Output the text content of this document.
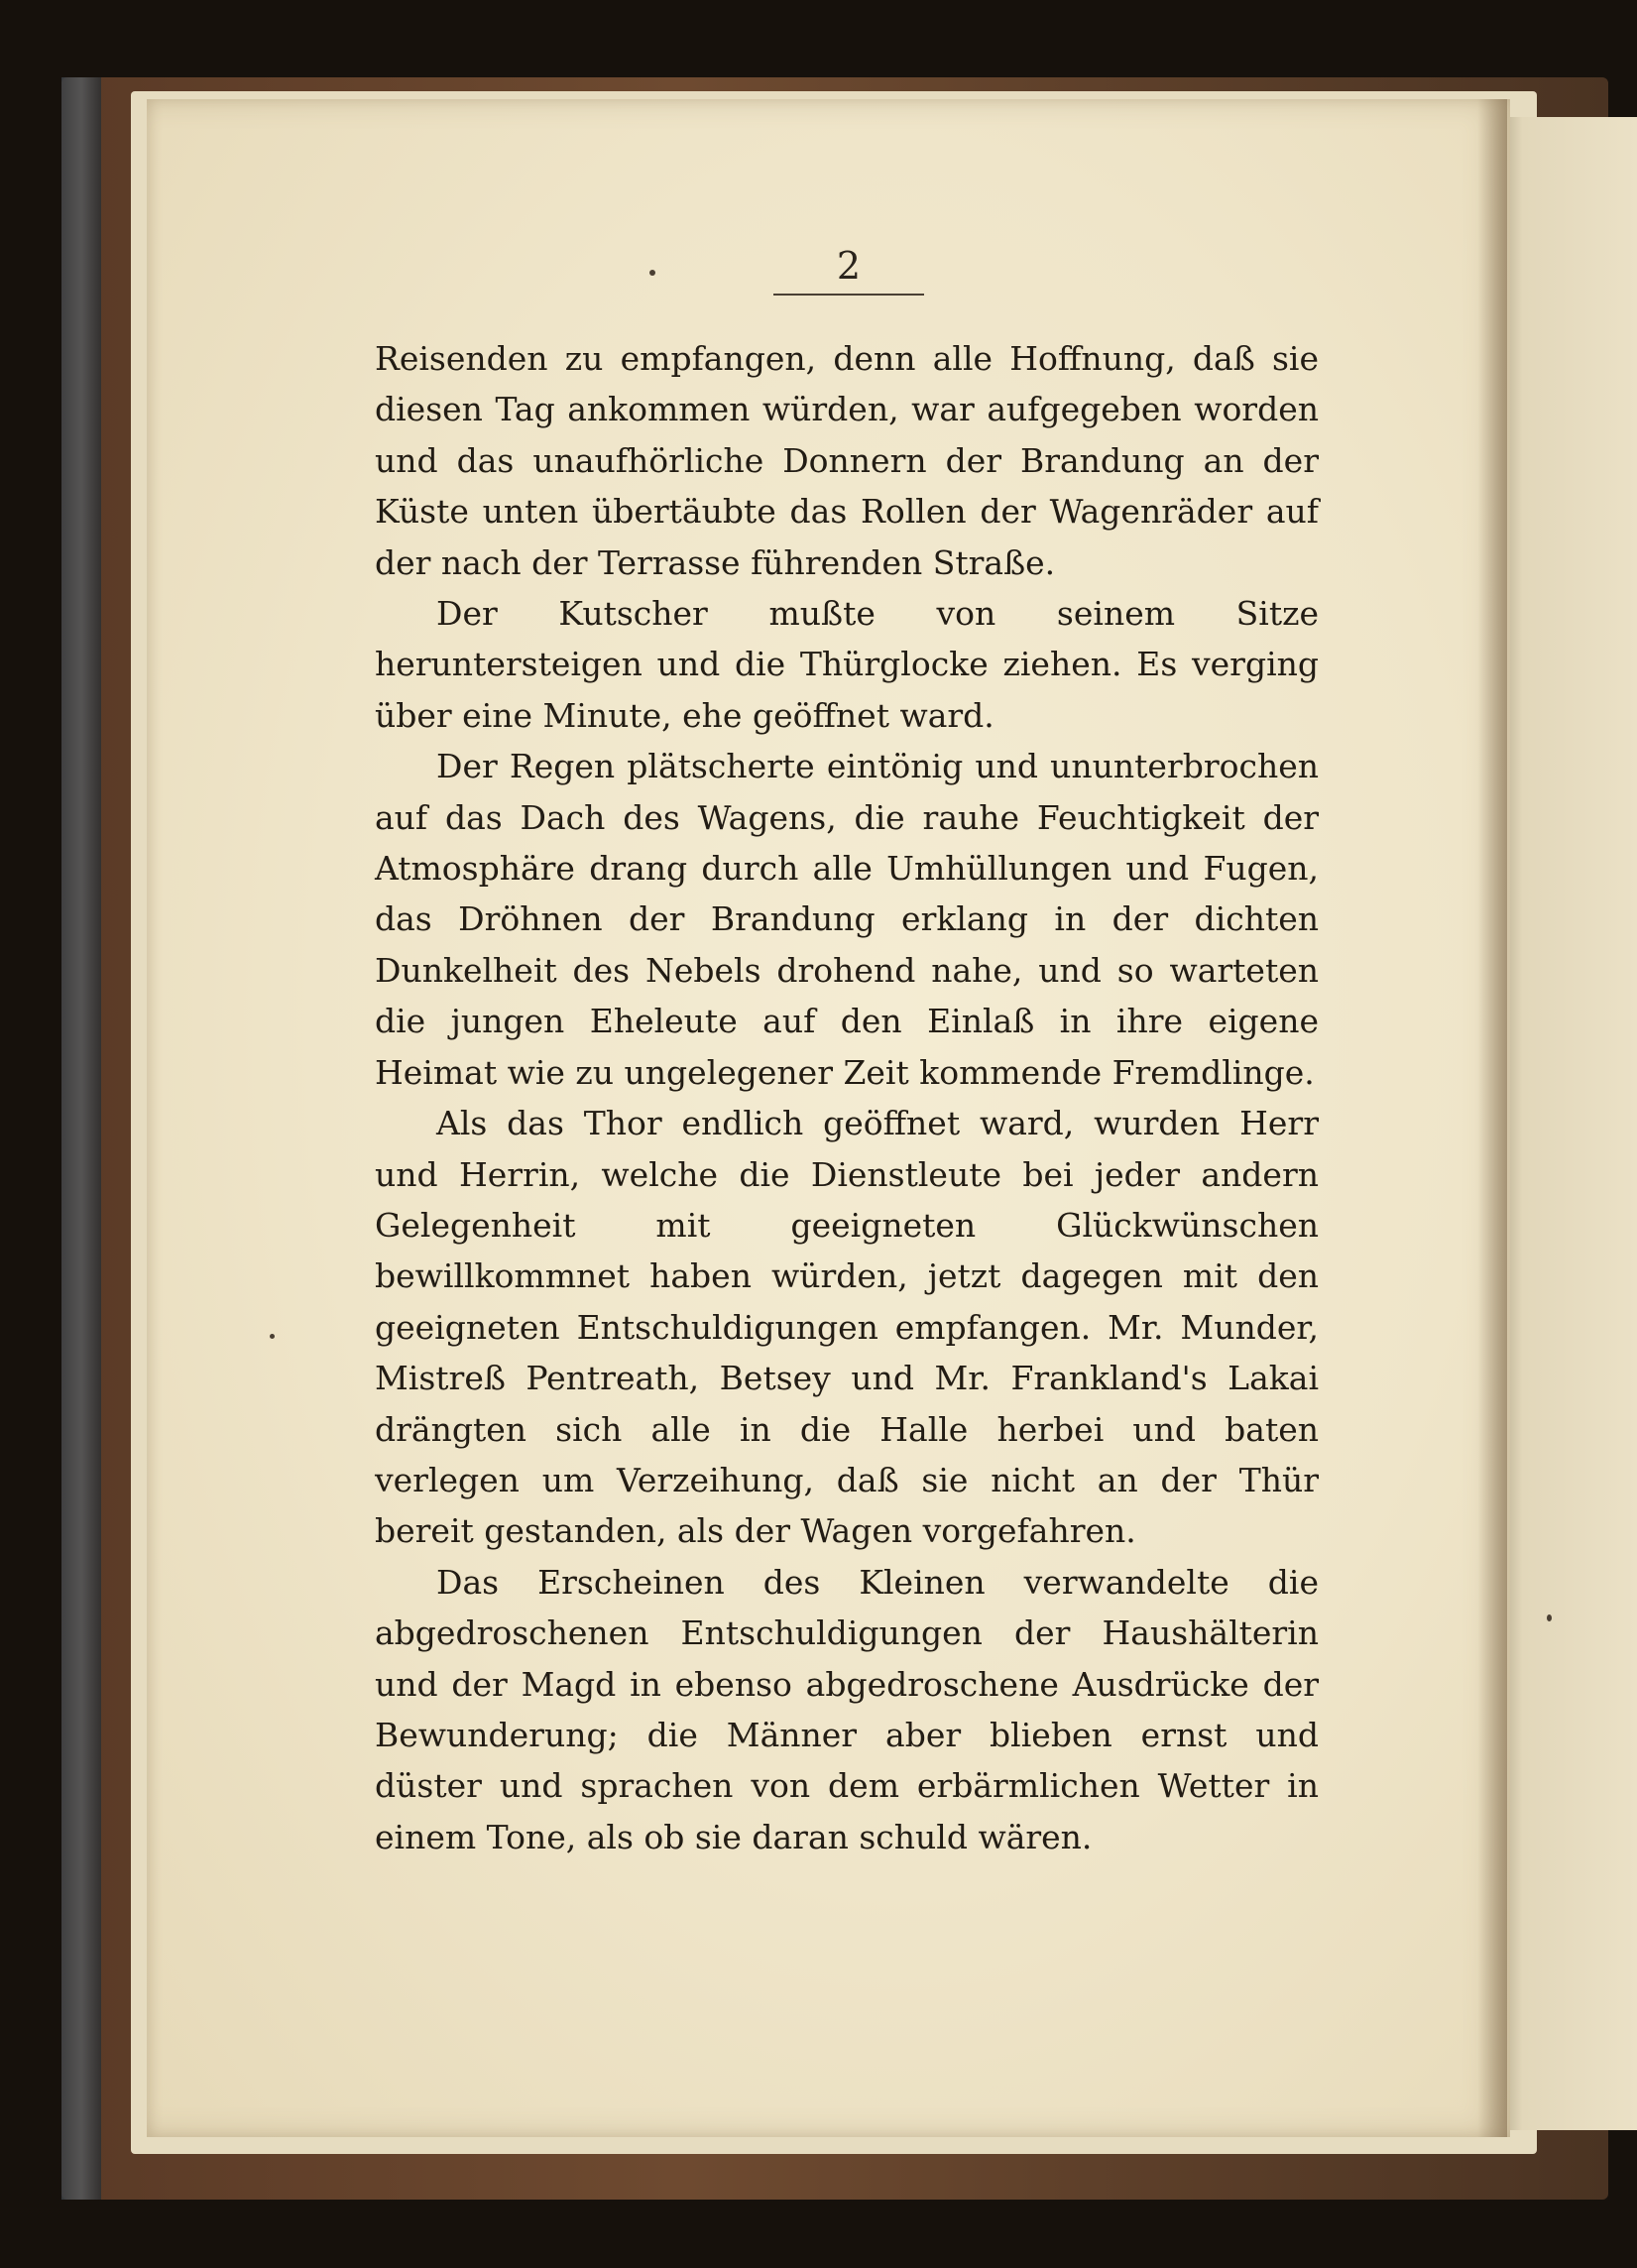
2

Reisenden zu empfangen, denn alle Hoffnung, daß sie diesen Tag ankommen würden, war aufgegeben worden und das unaufhörliche Donnern der Brandung an der Küste unten übertäubte das Rollen der Wagenräder auf der nach der Terrasse führenden Straße.

Der Kutscher mußte von seinem Sitze heruntersteigen und die Thürglocke ziehen. Es verging über eine Minute, ehe geöffnet ward.

Der Regen plätscherte eintönig und ununterbrochen auf das Dach des Wagens, die rauhe Feuchtigkeit der Atmosphäre drang durch alle Umhüllungen und Fugen, das Dröhnen der Brandung erklang in der dichten Dunkelheit des Nebels drohend nahe, und so warteten die jungen Eheleute auf den Einlaß in ihre eigene Heimat wie zu ungelegener Zeit kommende Fremdlinge.

Als das Thor endlich geöffnet ward, wurden Herr und Herrin, welche die Dienstleute bei jeder andern Gelegenheit mit geeigneten Glückwünschen bewillkommnet haben würden, jetzt dagegen mit den geeigneten Entschuldigungen empfangen. Mr. Munder, Mistreß Pentreath, Betsey und Mr. Frankland's Lakai drängten sich alle in die Halle herbei und baten verlegen um Verzeihung, daß sie nicht an der Thür bereit gestanden, als der Wagen vorgefahren.

Das Erscheinen des Kleinen verwandelte die abgedroschenen Entschuldigungen der Haushälterin und der Magd in ebenso abgedroschene Ausdrücke der Bewunderung; die Männer aber blieben ernst und düster und sprachen von dem erbärmlichen Wetter in einem Tone, als ob sie daran schuld wären.
